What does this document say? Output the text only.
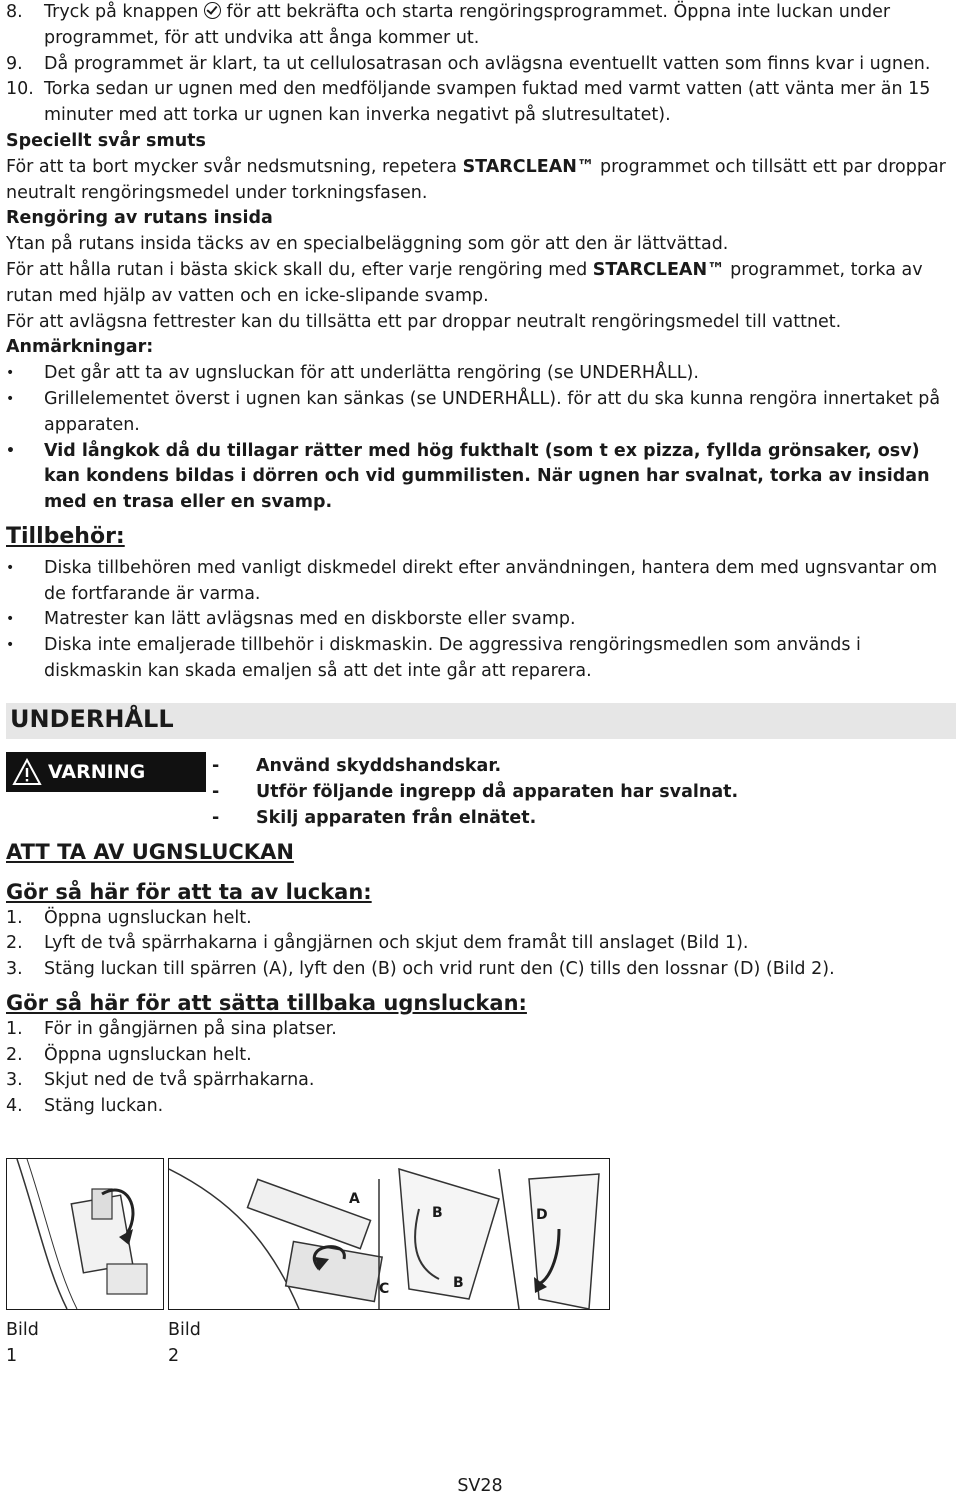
8. Tryck på knappen  för att bekräfta och starta rengöringsprogrammet. Öppna inte luckan under programmet, för att undvika att ånga kommer ut.
9. Då programmet är klart, ta ut cellulosatrasan och avlägsna eventuellt vatten som finns kvar i ugnen.
10. Torka sedan ur ugnen med den medföljande svampen fuktad med varmt vatten (att vänta mer än 15 minuter med att torka ur ugnen kan inverka negativt på slutresultatet).

Speciellt svår smuts

För att ta bort mycker svår nedsmutsning, repetera STARCLEAN™ programmet och tillsätt ett par droppar neutralt rengöringsmedel under torkningsfasen.

Rengöring av rutans insida

Ytan på rutans insida täcks av en specialbeläggning som gör att den är lättvättad.

För att hålla rutan i bästa skick skall du, efter varje rengöring med STARCLEAN™ programmet, torka av rutan med hjälp av vatten och en icke-slipande svamp.

För att avlägsna fettrester kan du tillsätta ett par droppar neutralt rengöringsmedel till vattnet.

Anmärkningar:

• Det går att ta av ugnsluckan för att underlätta rengöring (se UNDERHÅLL).
• Grillelementet överst i ugnen kan sänkas (se UNDERHÅLL). för att du ska kunna rengöra innertaket på apparaten.
• Vid långkok då du tillagar rätter med hög fukthalt (som t ex pizza, fyllda grönsaker, osv) kan kondens bildas i dörren och vid gummilisten. När ugnen har svalnat, torka av insidan med en trasa eller en svamp.
Tillbehör:
• Diska tillbehören med vanligt diskmedel direkt efter användningen, hantera dem med ugnsvantar om de fortfarande är varma.
• Matrester kan lätt avlägsnas med en diskborste eller svamp.
• Diska inte emaljerade tillbehör i diskmaskin. De aggressiva rengöringsmedlen som används i diskmaskin kan skada emaljen så att det inte går att reparera.
UNDERHÅLL
VARNING	- Använd skyddshandskar.
- Utför följande ingrepp då apparaten har svalnat.
- Skilj apparaten från elnätet.
ATT TA AV UGNSLUCKAN
Gör så här för att ta av luckan:
1. Öppna ugnsluckan helt.
2. Lyft de två spärrhakarna i gångjärnen och skjut dem framåt till anslaget (Bild 1).
3. Stäng luckan till spärren (A), lyft den (B) och vrid runt den (C) tills den lossnar (D) (Bild 2).
Gör så här för att sätta tillbaka ugnsluckan:
1. För in gångjärnen på sina platser.
2. Öppna ugnsluckan helt.
3. Skjut ned de två spärrhakarna.
4. Stäng luckan.
A
B
B
C
D
Bild 1
Bild 2
SV28
